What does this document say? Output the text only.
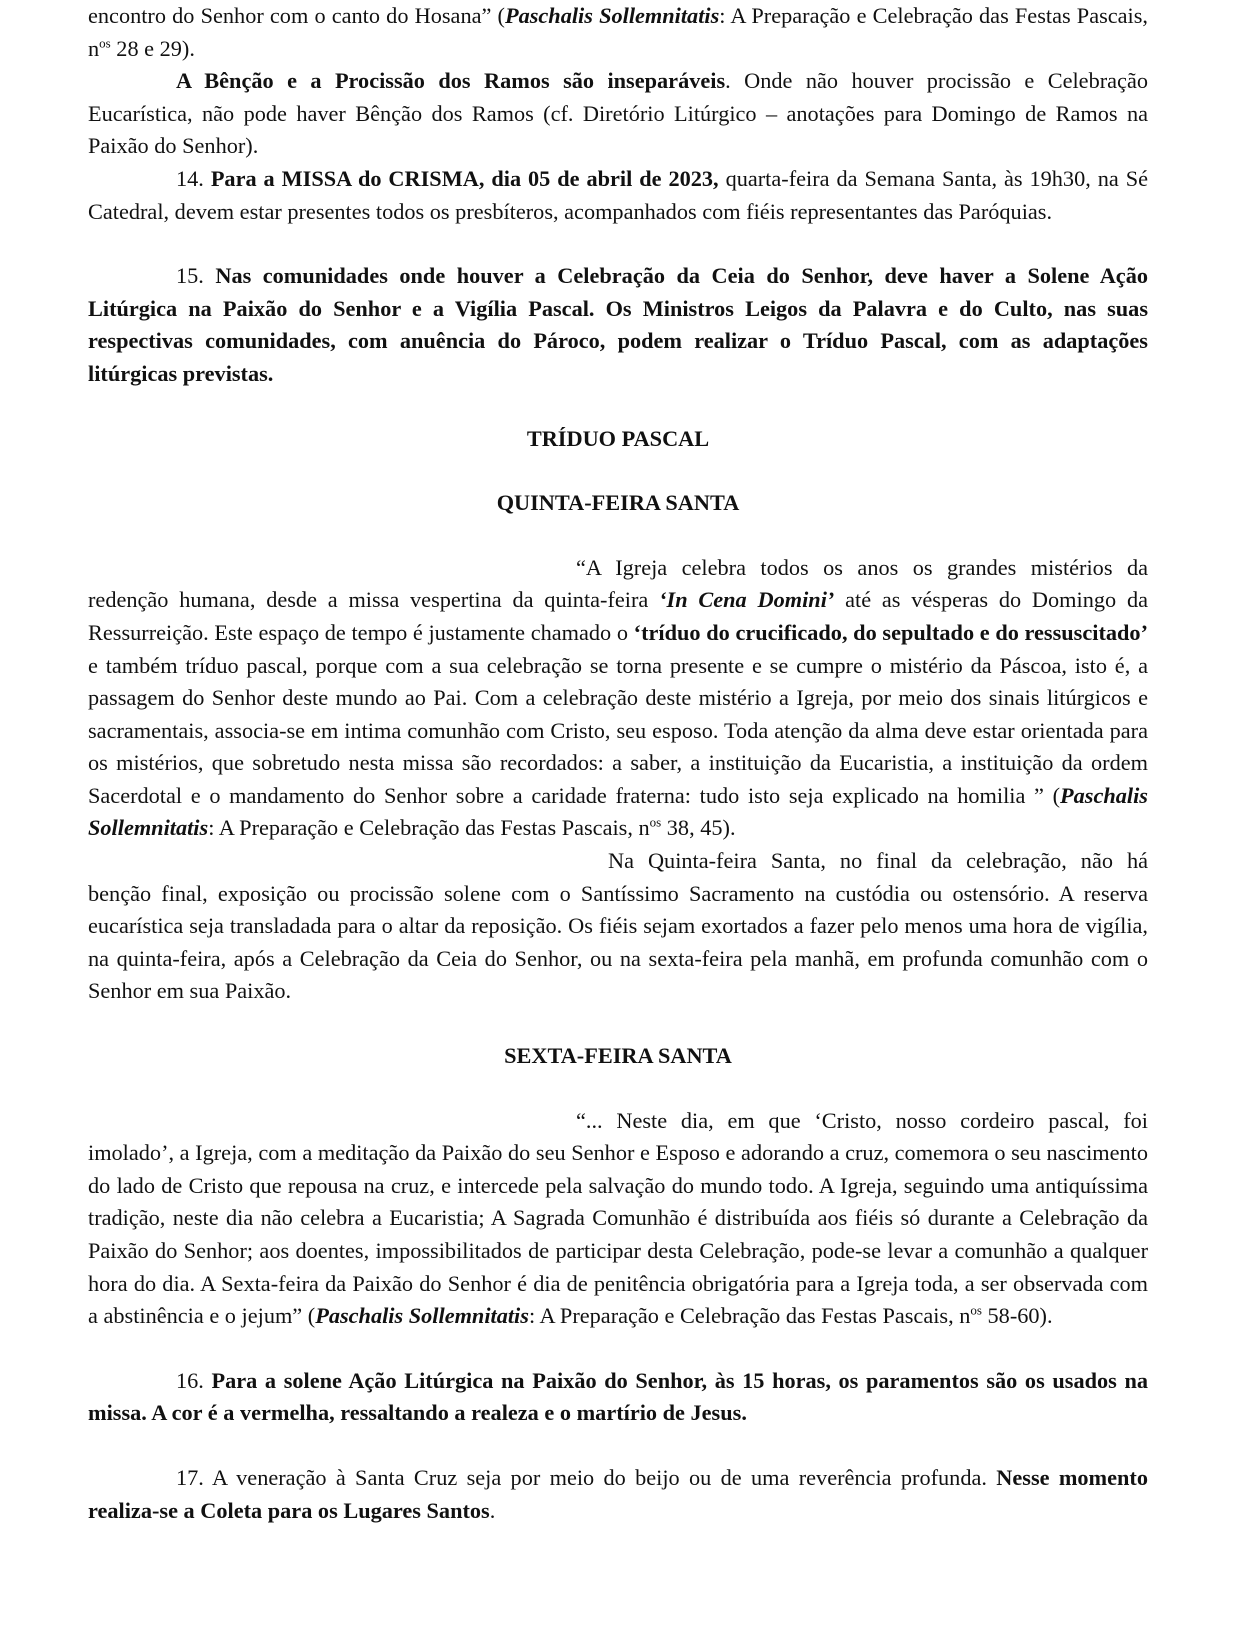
encontro do Senhor com o canto do Hosana” (Paschalis Sollemnitatis: A Preparação e Celebração das Festas Pascais, $n^{os}$ 28 e 29).

A Bênção e a Procissão dos Ramos são inseparáveis. Onde não houver procissão e Celebração Eucarística, não pode haver Bênção dos Ramos (cf. Diretório Litúrgico – anotações para Domingo de Ramos na Paixão do Senhor).

14. Para a MISSA do CRISMA, dia 05 de abril de 2023, quarta-feira da Semana Santa, às 19h30, na Sé Catedral, devem estar presentes todos os presbíteros, acompanhados com fiéis representantes das Paróquias.

15. Nas comunidades onde houver a Celebração da Ceia do Senhor, deve haver a Solene Ação Litúrgica na Paixão do Senhor e a Vigília Pascal. Os Ministros Leigos da Palavra e do Culto, nas suas respectivas comunidades, com anuência do Pároco, podem realizar o Tríduo Pascal, com as adaptações litúrgicas previstas.

TRÍDUO PASCAL
QUINTA-FEIRA SANTA

“A Igreja celebra todos os anos os grandes mistérios da redenção humana, desde a missa vespertina da quinta-feira ‘In Cena Domini’ até as vésperas do Domingo da Ressurreição. Este espaço de tempo é justamente chamado o ‘tríduo do crucificado, do sepultado e do ressuscitado’ e também tríduo pascal, porque com a sua celebração se torna presente e se cumpre o mistério da Páscoa, isto é, a passagem do Senhor deste mundo ao Pai. Com a celebração deste mistério a Igreja, por meio dos sinais litúrgicos e sacramentais, associa-se em intima comunhão com Cristo, seu esposo. Toda atenção da alma deve estar orientada para os mistérios, que sobretudo nesta missa são recordados: a saber, a instituição da Eucaristia, a instituição da ordem Sacerdotal e o mandamento do Senhor sobre a caridade fraterna: tudo isto seja explicado na homilia ” (Paschalis Sollemnitatis: A Preparação e Celebração das Festas Pascais, $n^{os}$ 38, 45).

Na Quinta-feira Santa, no final da celebração, não há benção final, exposição ou procissão solene com o Santíssimo Sacramento na custódia ou ostensório. A reserva eucarística seja transladada para o altar da reposição. Os fiéis sejam exortados a fazer pelo menos uma hora de vigília, na quinta-feira, após a Celebração da Ceia do Senhor, ou na sexta-feira pela manhã, em profunda comunhão com o Senhor em sua Paixão.

SEXTA-FEIRA SANTA

“... Neste dia, em que ‘Cristo, nosso cordeiro pascal, foi imolado’, a Igreja, com a meditação da Paixão do seu Senhor e Esposo e adorando a cruz, comemora o seu nascimento do lado de Cristo que repousa na cruz, e intercede pela salvação do mundo todo. A Igreja, seguindo uma antiquíssima tradição, neste dia não celebra a Eucaristia; A Sagrada Comunhão é distribuída aos fiéis só durante a Celebração da Paixão do Senhor; aos doentes, impossibilitados de participar desta Celebração, pode-se levar a comunhão a qualquer hora do dia. A Sexta-feira da Paixão do Senhor é dia de penitência obrigatória para a Igreja toda, a ser observada com a abstinência e o jejum” (Paschalis Sollemnitatis: A Preparação e Celebração das Festas Pascais, $n^{os}$ 58-60).

16. Para a solene Ação Litúrgica na Paixão do Senhor, às 15 horas, os paramentos são os usados na missa. A cor é a vermelha, ressaltando a realeza e o martírio de Jesus.

17. A veneração à Santa Cruz seja por meio do beijo ou de uma reverência profunda. Nesse momento realiza-se a Coleta para os Lugares Santos.
